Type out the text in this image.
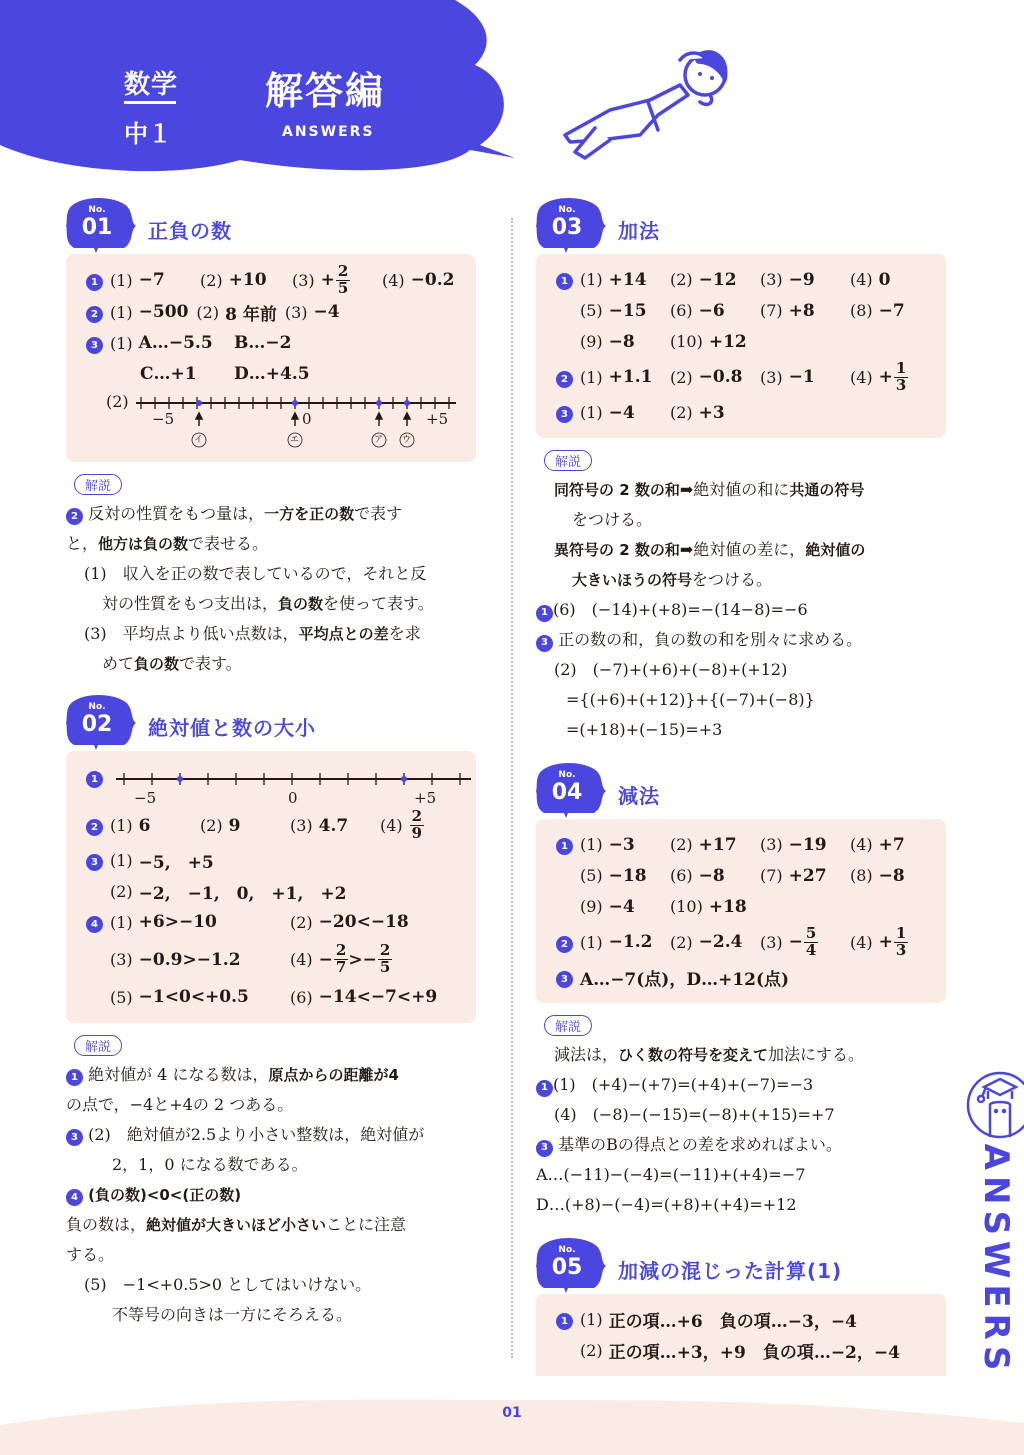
数学
中１
解答編
ANSWERS
No.
01	正負の数
1 (1) −7 (2) +10 $(3) + \frac{2}{5} (4) -0.2$
2 (1) −500 (2) 8 年前 (3) −4
3 (1) A…−5.5 B…−2
C…+1 D…+4.5
(2)
−5	0	+5
イ	エ	ア ウ
解説
2 反対の性質をもつ量は，一方を正の数で表す
と，他方は負の数で表せる。
(1)　収入を正の数で表しているので，それと反
対の性質をもつ支出は，負の数を使って表す。
(3)　平均点より低い点数は，平均点との差を求
めて負の数で表す。
No.
02	絶対値と数の大小
1
−5	0	+5
2 (1) 6	(2) 9	(3) 4.7 $(4) \frac{2}{9}$
3 (1) −5,　+5
(2) −2,　−1,　0,　+1,　+2
4 (1) +6>−10	(2) −20<−18
(3) −0.9>−1.2	$(4) - \frac{2}{7} >- \frac{2}{5}$
(5) −1<0<+0.5	(6) −14<−7<+9
解説
1 絶対値が 4 になる数は，原点からの距離が4
の点で，−4と+4の 2 つある。
3 (2)　絶対値が2.5より小さい整数は，絶対値が
2，1，0 になる数である。
4 (負の数)<0<(正の数)
負の数は，絶対値が大きいほど小さいことに注意
する。
(5)　−1<+0.5>0 としてはいけない。
不等号の向きは一方にそろえる。
No.
03	加法
1 (1) +14 (2) −12 (3) −9 (4) 0
(5) −15 (6) −6 (7) +8 (8) −7
(9) −8 (10) +12
2 (1) +1.1 (2) −0.8 (3) −1 $(4) + \frac{1}{3}$
3 (1) −4 (2) +3
解説
同符号の 2 数の和➡絶対値の和に共通の符号
をつける。
異符号の 2 数の和➡絶対値の差に，絶対値の
大きいほうの符号をつける。
1 (6)　(−14)+(+8)=−(14−8)=−6
3 正の数の和，負の数の和を別々に求める。
(2)　(−7)+(+6)+(−8)+(+12)
={(+6)+(+12)}+{(−7)+(−8)}
=(+18)+(−15)=+3
No.
04	減法
1 (1) −3 (2) +17 (3) −19 (4) +7
(5) −18 (6) −8 (7) +27 (8) −8
(9) −4 (10) +18
2 (1) −1.2 (2) −2.4 $(3) - \frac{5}{4} (4) + \frac{1}{3}$
3 A…−7(点)，D…+12(点)
解説
減法は，ひく数の符号を変えて加法にする。
1 (1)　(+4)−(+7)=(+4)+(−7)=−3
(4)　(−8)−(−15)=(−8)+(+15)=+7
3 基準のBの得点との差を求めればよい。
A…(−11)−(−4)=(−11)+(+4)=−7
D…(+8)−(−4)=(+8)+(+4)=+12
No.
05	加減の混じった計算(1)
1 (1) 正の項…+6　負の項…−3，−4
(2) 正の項…+3，+9　負の項…−2，−4 ANSWERS
01
